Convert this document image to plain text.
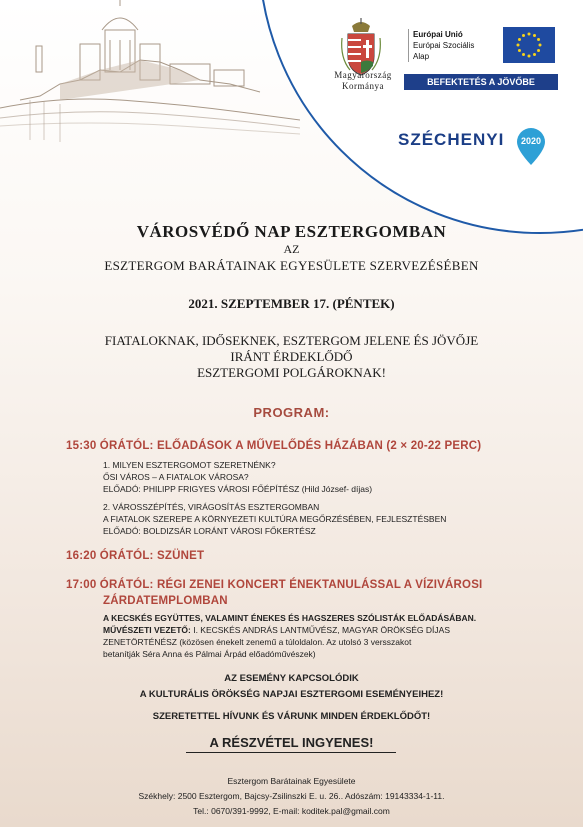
Magyarország
Kormánya
Európai Unió
Európai Szociális
Alap
BEFEKTETÉS A JÖVŐBE
SZÉCHENYI	2020
VÁROSVÉDŐ NAP ESZTERGOMBAN
AZ
ESZTERGOM BARÁTAINAK EGYESÜLETE SZERVEZÉSÉBEN
2021. SZEPTEMBER 17. (PÉNTEK)
FIATALOKNAK, IDŐSEKNEK, ESZTERGOM JELENE ÉS JÖVŐJE
IRÁNT ÉRDEKLŐDŐ
ESZTERGOMI POLGÁROKNAK!
PROGRAM:
15:30 ÓRÁTÓL: ELŐADÁSOK A MŰVELŐDÉS HÁZÁBAN (2 × 20-22 PERC)
1. MILYEN ESZTERGOMOT SZERETNÉNK?
ŐSI VÁROS – A FIATALOK VÁROSA?
ELŐADÓ: PHILIPP FRIGYES VÁROSI FŐÉPÍTÉSZ (Hild József- díjas)
2. VÁROSSZÉPÍTÉS, VIRÁGOSÍTÁS ESZTERGOMBAN
A FIATALOK SZEREPE A KÖRNYEZETI KULTÚRA MEGŐRZÉSÉBEN, FEJLESZTÉSBEN
ELŐADÓ: BOLDIZSÁR LORÁNT VÁROSI FŐKERTÉSZ
16:20 ÓRÁTÓL: SZÜNET
17:00 ÓRÁTÓL: RÉGI ZENEI KONCERT ÉNEKTANULÁSSAL A VÍZIVÁROSI
ZÁRDATEMPLOMBAN
A KECSKÉS EGYÜTTES, VALAMINT ÉNEKES ÉS HAGSZERES SZÓLISTÁK ELŐADÁSÁBAN.
MŰVÉSZETI VEZETŐ: I. KECSKÉS ANDRÁS LANTMŰVÉSZ, MAGYAR ÖRÖKSÉG DÍJAS
ZENETÖRTÉNÉSZ (közösen énekelt zenemű a túloldalon. Az utolsó 3 versszakot
betanítják Séra Anna és Pálmai Árpád előadóművészek)
AZ ESEMÉNY KAPCSOLÓDIK
A KULTURÁLIS ÖRÖKSÉG NAPJAI ESZTERGOMI ESEMÉNYEIHEZ!
SZERETETTEL HÍVUNK ÉS VÁRUNK MINDEN ÉRDEKLŐDŐT!
A RÉSZVÉTEL INGYENES!
Esztergom Barátainak Egyesülete
Székhely: 2500 Esztergom, Bajcsy-Zsilinszki E. u. 26.. Adószám: 19143334-1-11.
Tel.: 0670/391-9992, E-mail: koditek.pal@gmail.com
